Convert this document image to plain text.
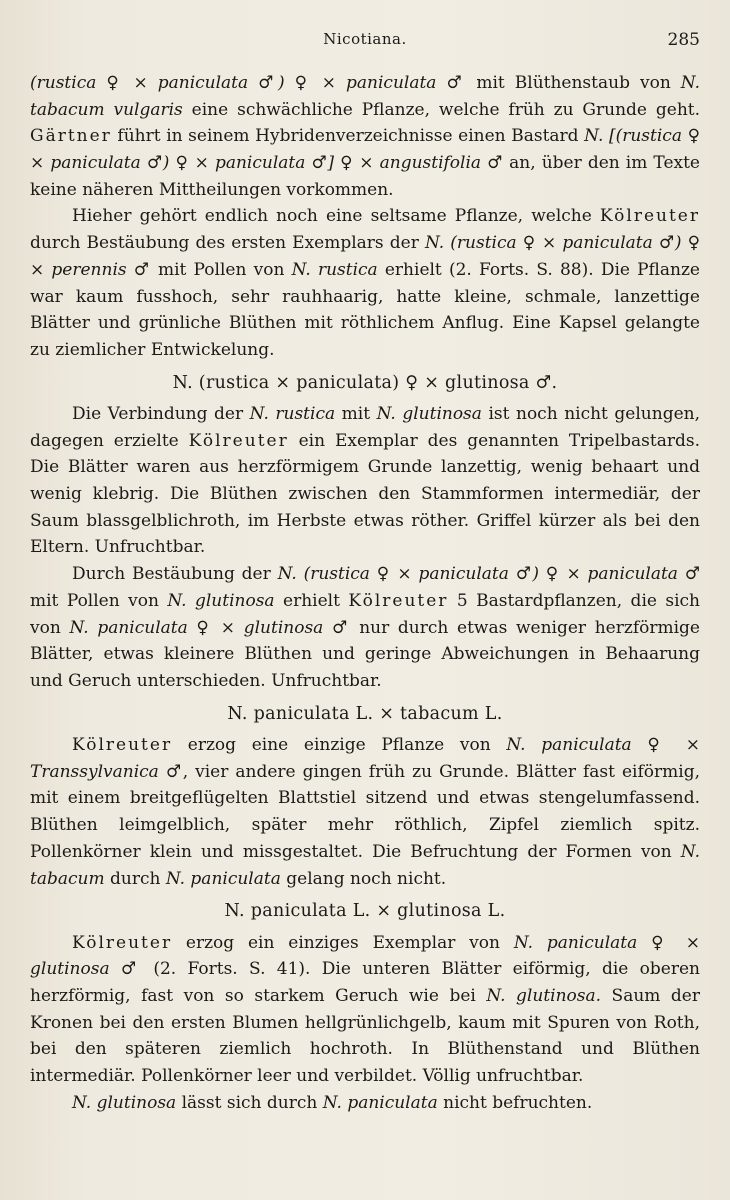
Nicotiana.	285

(rustica ♀ × paniculata ♂) ♀ × paniculata ♂ mit Blüthenstaub von N. tabacum vulgaris eine schwächliche Pflanze, welche früh zu Grunde geht. Gärtner führt in seinem Hybridenverzeichnisse einen Bastard N. [(rustica ♀ × paniculata ♂) ♀ × paniculata ♂] ♀ × angustifolia ♂ an, über den im Texte keine näheren Mittheilungen vorkommen.

Hieher gehört endlich noch eine seltsame Pflanze, welche Kölreuter durch Bestäubung des ersten Exemplars der N. (rustica ♀ × paniculata ♂) ♀ × perennis ♂ mit Pollen von N. rustica erhielt (2. Forts. S. 88). Die Pflanze war kaum fusshoch, sehr rauhhaarig, hatte kleine, schmale, lanzettige Blätter und grünliche Blüthen mit röthlichem Anflug. Eine Kapsel gelangte zu ziemlicher Entwickelung.

N. (rustica × paniculata) ♀ × glutinosa ♂.

Die Verbindung der N. rustica mit N. glutinosa ist noch nicht gelungen, dagegen erzielte Kölreuter ein Exemplar des genannten Tripelbastards. Die Blätter waren aus herzförmigem Grunde lanzettig, wenig behaart und wenig klebrig. Die Blüthen zwischen den Stammformen intermediär, der Saum blassgelblichroth, im Herbste etwas röther. Griffel kürzer als bei den Eltern. Unfruchtbar.

Durch Bestäubung der N. (rustica ♀ × paniculata ♂) ♀ × paniculata ♂ mit Pollen von N. glutinosa erhielt Kölreuter 5 Bastardpflanzen, die sich von N. paniculata ♀ × glutinosa ♂ nur durch etwas weniger herzförmige Blätter, etwas kleinere Blüthen und geringe Abweichungen in Behaarung und Geruch unterschieden. Unfruchtbar.

N. paniculata L. × tabacum L.

Kölreuter erzog eine einzige Pflanze von N. paniculata ♀ × Transsylvanica ♂, vier andere gingen früh zu Grunde. Blätter fast eiförmig, mit einem breitgeflügelten Blattstiel sitzend und etwas stengelumfassend. Blüthen leimgelblich, später mehr röthlich, Zipfel ziemlich spitz. Pollenkörner klein und missgestaltet. Die Befruchtung der Formen von N. tabacum durch N. paniculata gelang noch nicht.

N. paniculata L. × glutinosa L.

Kölreuter erzog ein einziges Exemplar von N. paniculata ♀ × glutinosa ♂ (2. Forts. S. 41). Die unteren Blätter eiförmig, die oberen herzförmig, fast von so starkem Geruch wie bei N. glutinosa. Saum der Kronen bei den ersten Blumen hellgrünlichgelb, kaum mit Spuren von Roth, bei den späteren ziemlich hochroth. In Blüthenstand und Blüthen intermediär. Pollenkörner leer und verbildet. Völlig unfruchtbar.

N. glutinosa lässt sich durch N. paniculata nicht befruchten.
